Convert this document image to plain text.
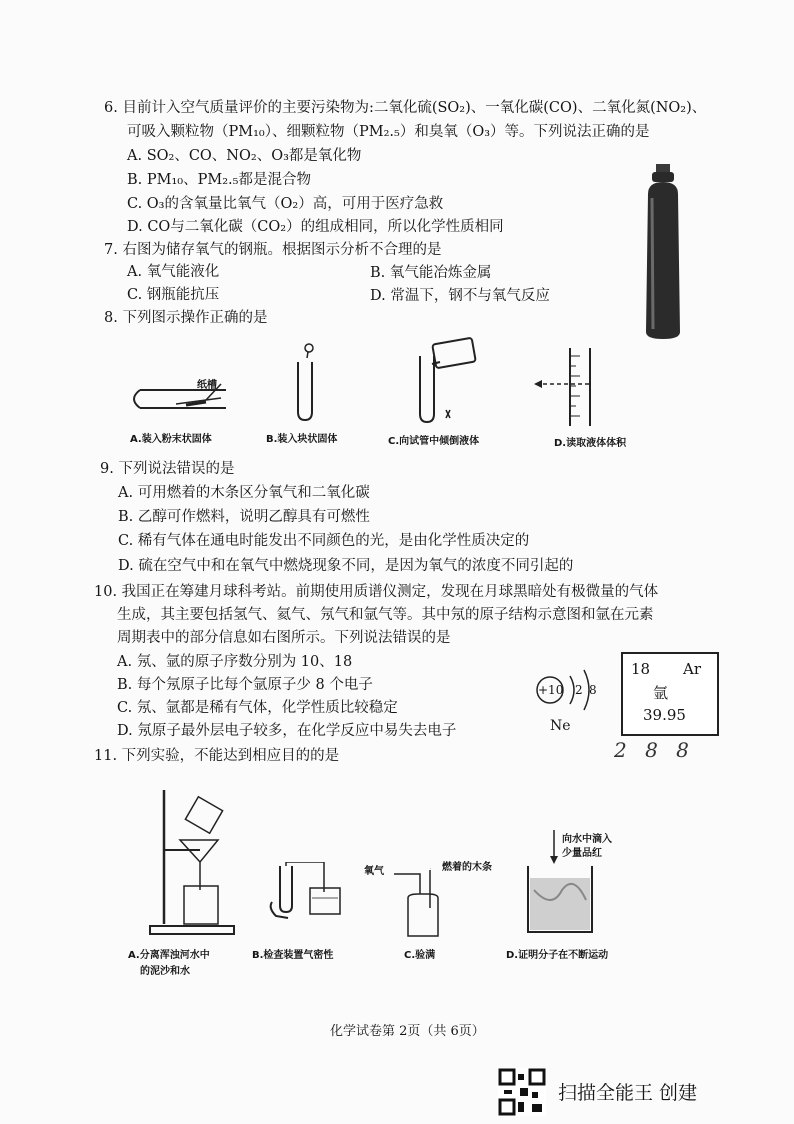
6. 目前计入空气质量评价的主要污染物为:二氧化硫(SO₂)、一氧化碳(CO)、二氧化氮(NO₂)、
可吸入颗粒物（PM₁₀）、细颗粒物（PM₂.₅）和臭氧（O₃）等。下列说法正确的是
A. SO₂、CO、NO₂、O₃都是氧化物
B. PM₁₀、PM₂.₅都是混合物
C. O₃的含氧量比氧气（O₂）高，可用于医疗急救
D. CO与二氧化碳（CO₂）的组成相同，所以化学性质相同
7. 右图为储存氧气的钢瓶。根据图示分析不合理的是
A. 氧气能液化	B. 氧气能冶炼金属
C. 钢瓶能抗压	D. 常温下，钢不与氧气反应
8. 下列图示操作正确的是
纸槽
A.装入粉末状固体	B.装入块状固体	C.向试管中倾倒液体	D.读取液体体积
9. 下列说法错误的是
A. 可用燃着的木条区分氧气和二氧化碳
B. 乙醇可作燃料，说明乙醇具有可燃性
C. 稀有气体在通电时能发出不同颜色的光，是由化学性质决定的
D. 硫在空气中和在氧气中燃烧现象不同，是因为氧气的浓度不同引起的
10. 我国正在筹建月球科考站。前期使用质谱仪测定，发现在月球黑暗处有极微量的气体
生成，其主要包括氢气、氦气、氖气和氩气等。其中氖的原子结构示意图和氩在元素
周期表中的部分信息如右图所示。下列说法错误的是
A. 氖、氩的原子序数分别为 10、18
B. 每个氖原子比每个氩原子少 8 个电子
C. 氖、氩都是稀有气体，化学性质比较稳定
D. 氖原子最外层电子较多，在化学反应中易失去电子
+10 2 8
Ne
18 Ar
氩
39.95
2 8 8
11. 下列实验，不能达到相应目的的是
A.分离浑浊河水中
的泥沙和水
B.检查装置气密性
氧气	燃着的木条
C.验满
向水中滴入
少量品红
D.证明分子在不断运动
化学试卷第 2页（共 6页）
扫描全能王 创建
